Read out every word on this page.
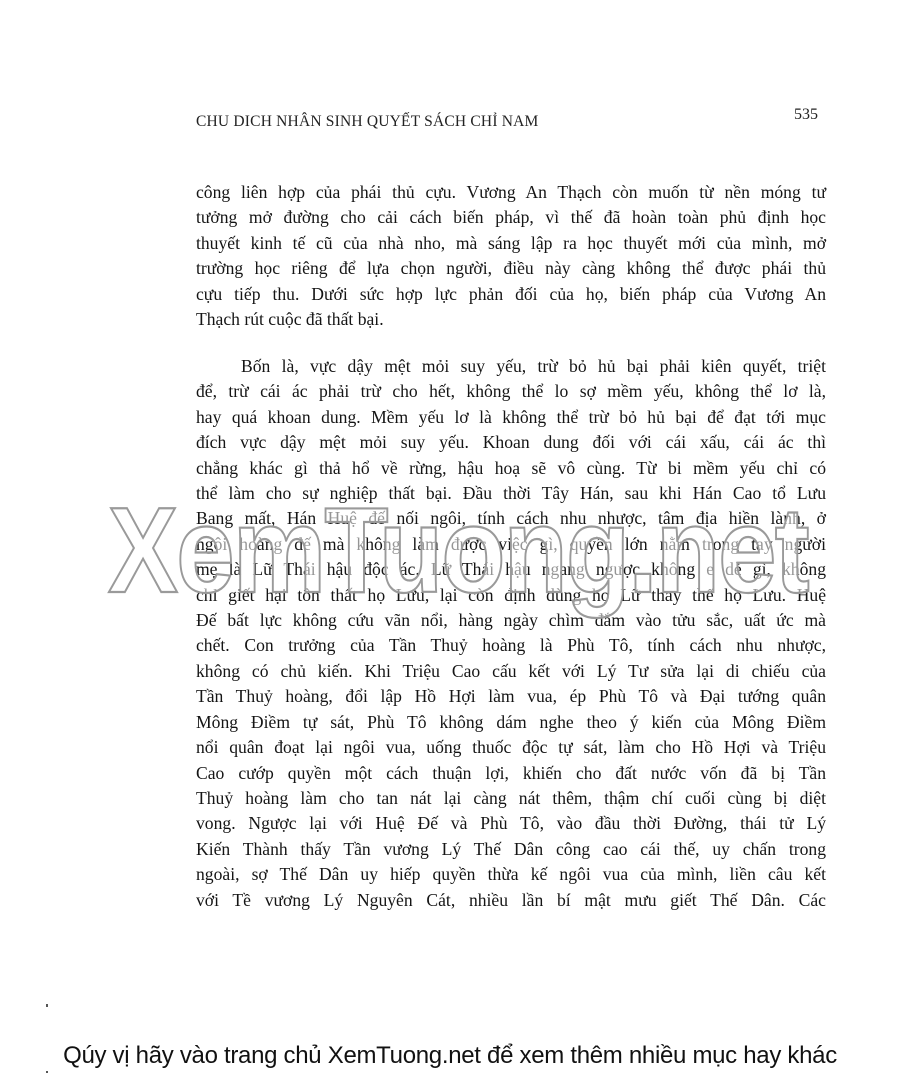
CHU DICH NHÂN SINH QUYẾT SÁCH CHỈ NAM	535
công liên hợp của phái thủ cựu. Vương An Thạch còn muốn từ nền móng tư
tưởng mở đường cho cải cách biến pháp, vì thế đã hoàn toàn phủ định học
thuyết kinh tế cũ của nhà nho, mà sáng lập ra học thuyết mới của mình, mở
trường học riêng để lựa chọn người, điều này càng không thể được phái thủ
cựu tiếp thu. Dưới sức hợp lực phản đối của họ, biến pháp của Vương An
Thạch rút cuộc đã thất bại.
Bốn là, vực dậy mệt mỏi suy yếu, trừ bỏ hủ bại phải kiên quyết, triệt
để, trừ cái ác phải trừ cho hết, không thể lo sợ mềm yếu, không thể lơ là,
hay quá khoan dung. Mềm yếu lơ là không thể trừ bỏ hủ bại để đạt tới mục
đích vực dậy mệt mỏi suy yếu. Khoan dung đối với cái xấu, cái ác thì
chẳng khác gì thả hổ về rừng, hậu hoạ sẽ vô cùng. Từ bi mềm yếu chỉ có
thể làm cho sự nghiệp thất bại. Đầu thời Tây Hán, sau khi Hán Cao tổ Lưu
Bang mất, Hán Huệ đế nối ngôi, tính cách nhu nhược, tâm địa hiền lành, ở
ngôi hoàng đế mà không làm được việc gì, quyền lớn nằm trong tay người
mẹ là Lữ Thái hậu độc ác. Lữ Thái hậu ngang ngược không e dè gì, không
chỉ giết hại tôn thất họ Lưu, lại còn định dùng họ Lữ thay thế họ Lưu. Huệ
Đế bất lực không cứu vãn nổi, hàng ngày chìm đắm vào tửu sắc, uất ức mà
chết. Con trưởng của Tần Thuỷ hoàng là Phù Tô, tính cách nhu nhược,
không có chủ kiến. Khi Triệu Cao cấu kết với Lý Tư sửa lại di chiếu của
Tần Thuỷ hoàng, đổi lập Hồ Hợi làm vua, ép Phù Tô và Đại tướng quân
Mông Điềm tự sát, Phù Tô không dám nghe theo ý kiến của Mông Điềm
nổi quân đoạt lại ngôi vua, uống thuốc độc tự sát, làm cho Hồ Hợi và Triệu
Cao cướp quyền một cách thuận lợi, khiến cho đất nước vốn đã bị Tần
Thuỷ hoàng làm cho tan nát lại càng nát thêm, thậm chí cuối cùng bị diệt
vong. Ngược lại với Huệ Đế và Phù Tô, vào đầu thời Đường, thái tử Lý
Kiến Thành thấy Tần vương Lý Thế Dân công cao cái thế, uy chấn trong
ngoài, sợ Thế Dân uy hiếp quyền thừa kế ngôi vua của mình, liền câu kết
với Tề vương Lý Nguyên Cát, nhiều lần bí mật mưu giết Thế Dân. Các
XemTuong.net
Qúy vị hãy vào trang chủ XemTuong.net để xem thêm nhiều mục hay khác
